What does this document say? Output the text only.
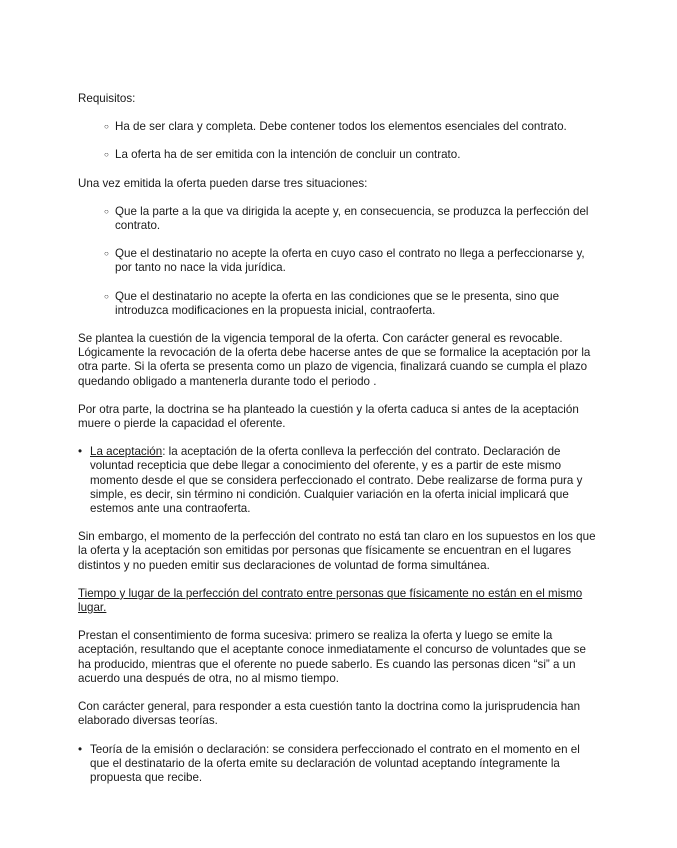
Requisitos:

○ Ha de ser clara y completa. Debe contener todos los elementos esenciales del contrato.
○ La oferta ha de ser emitida con la intención de concluir un contrato.

Una vez emitida la oferta pueden darse tres situaciones:

○ Que la parte a la que va dirigida la acepte y, en consecuencia, se produzca la perfección del contrato.
○ Que el destinatario no acepte la oferta en cuyo caso el contrato no llega a perfeccionarse y, por tanto no nace la vida jurídica.
○ Que el destinatario no acepte la oferta en las condiciones que se le presenta, sino que introduzca modificaciones en la propuesta inicial, contraoferta.

Se plantea la cuestión de la vigencia temporal de la oferta. Con carácter general es revocable. Lógicamente la revocación de la oferta debe hacerse antes de que se formalice la aceptación por la otra parte. Si la oferta se presenta como un plazo de vigencia, finalizará cuando se cumpla el plazo quedando obligado a mantenerla durante todo el periodo .

Por otra parte, la doctrina se ha planteado la cuestión y la oferta caduca si antes de la aceptación muere o pierde la capacidad el oferente.

• La aceptación: la aceptación de la oferta conlleva la perfección del contrato. Declaración de voluntad recepticia que debe llegar a conocimiento del oferente, y es a partir de este mismo momento desde el que se considera perfeccionado el contrato. Debe realizarse de forma pura y simple, es decir, sin término ni condición. Cualquier variación en la oferta inicial implicará que estemos ante una contraoferta.

Sin embargo, el momento de la perfección del contrato no está tan claro en los supuestos en los que la oferta y la aceptación son emitidas por personas que físicamente se encuentran en el lugares distintos y no pueden emitir sus declaraciones de voluntad de forma simultánea.

Tiempo y lugar de la perfección del contrato entre personas que físicamente no están en el mismo lugar.

Prestan el consentimiento de forma sucesiva: primero se realiza la oferta y luego se emite la aceptación, resultando que el aceptante conoce inmediatamente el concurso de voluntades que se ha producido, mientras que el oferente no puede saberlo. Es cuando las personas dicen “si” a un acuerdo una después de otra, no al mismo tiempo.

Con carácter general, para responder a esta cuestión tanto la doctrina como la jurisprudencia han elaborado diversas teorías.

• Teoría de la emisión o declaración: se considera perfeccionado el contrato en el momento en el que el destinatario de la oferta emite su declaración de voluntad aceptando íntegramente la propuesta que recibe.
